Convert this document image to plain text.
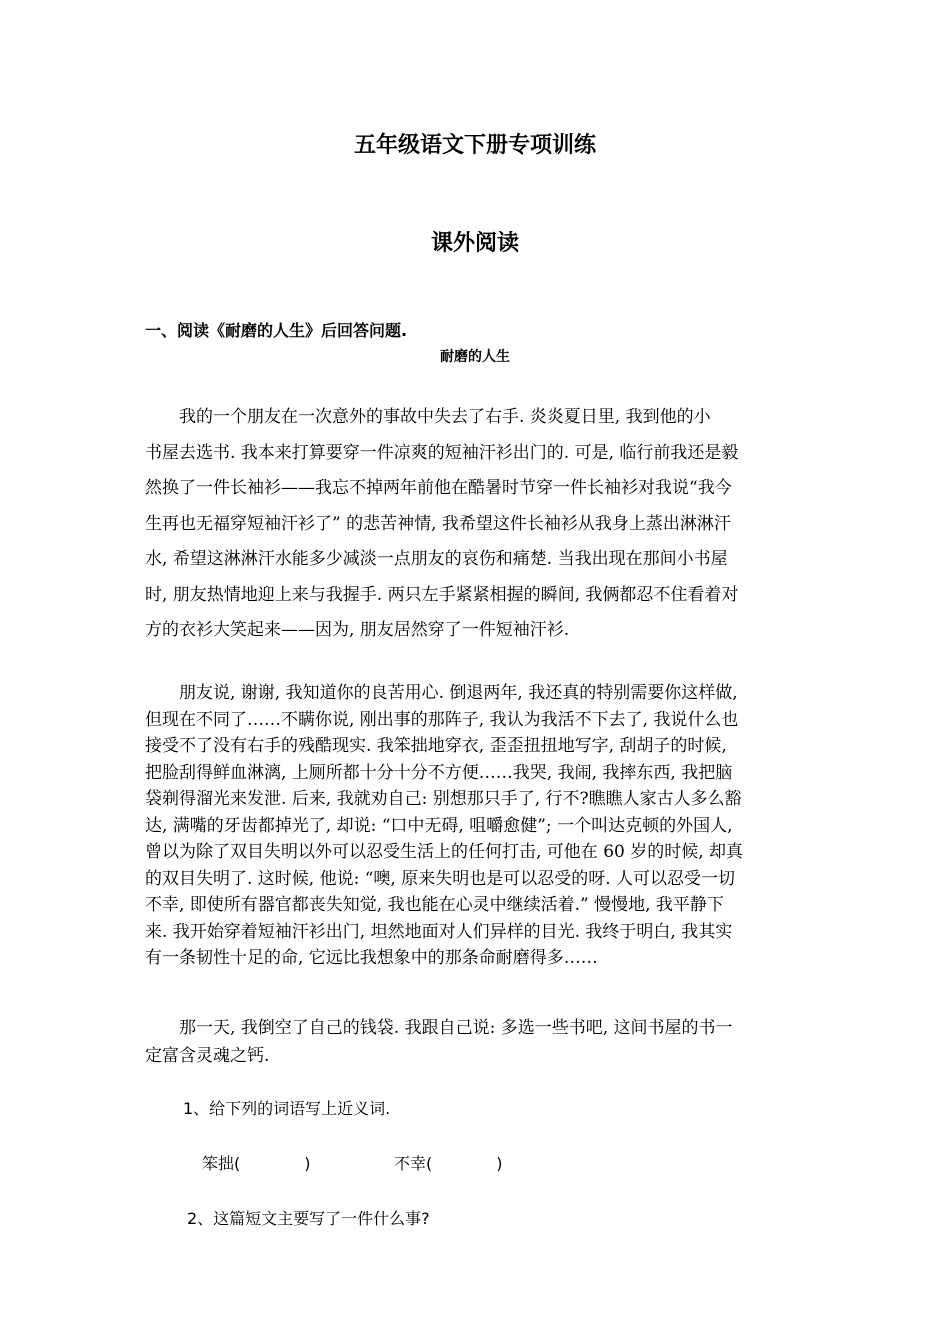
五年级语文下册专项训练
课外阅读
一、阅读《耐磨的人生》后回答问题.
耐磨的人生
　　我的一个朋友在一次意外的事故中失去了右手. 炎炎夏日里, 我到他的小
书屋去选书. 我本来打算要穿一件凉爽的短袖汗衫出门的. 可是, 临行前我还是毅
然换了一件长袖衫——我忘不掉两年前他在酷暑时节穿一件长袖衫对我说“我今
生再也无福穿短袖汗衫了” 的悲苦神情, 我希望这件长袖衫从我身上蒸出淋淋汗
水, 希望这淋淋汗水能多少减淡一点朋友的哀伤和痛楚. 当我出现在那间小书屋
时, 朋友热情地迎上来与我握手. 两只左手紧紧相握的瞬间, 我俩都忍不住看着对
方的衣衫大笑起来——因为, 朋友居然穿了一件短袖汗衫.
　　朋友说, 谢谢, 我知道你的良苦用心. 倒退两年, 我还真的特别需要你这样做,
但现在不同了……不瞒你说, 刚出事的那阵子, 我认为我活不下去了, 我说什么也
接受不了没有右手的残酷现实. 我笨拙地穿衣, 歪歪扭扭地写字, 刮胡子的时候,
把脸刮得鲜血淋漓, 上厕所都十分十分不方便……我哭, 我闹, 我摔东西, 我把脑
袋剃得溜光来发泄. 后来, 我就劝自己: 别想那只手了, 行不?瞧瞧人家古人多么豁
达, 满嘴的牙齿都掉光了, 却说: “口中无碍, 咀嚼愈健”; 一个叫达克顿的外国人,
曾以为除了双目失明以外可以忍受生活上的任何打击, 可他在 60 岁的时候, 却真
的双目失明了. 这时候, 他说: “噢, 原来失明也是可以忍受的呀. 人可以忍受一切
不幸, 即使所有器官都丧失知觉, 我也能在心灵中继续活着.” 慢慢地, 我平静下
来. 我开始穿着短袖汗衫出门, 坦然地面对人们异样的目光. 我终于明白, 我其实
有一条韧性十足的命, 它远比我想象中的那条命耐磨得多……
　　那一天, 我倒空了自己的钱袋. 我跟自己说: 多选一些书吧, 这间书屋的书一
定富含灵魂之钙.
1、给下列的词语写上近义词.
笨拙(　　　　)	不幸(　　　　)
2、这篇短文主要写了一件什么事?
